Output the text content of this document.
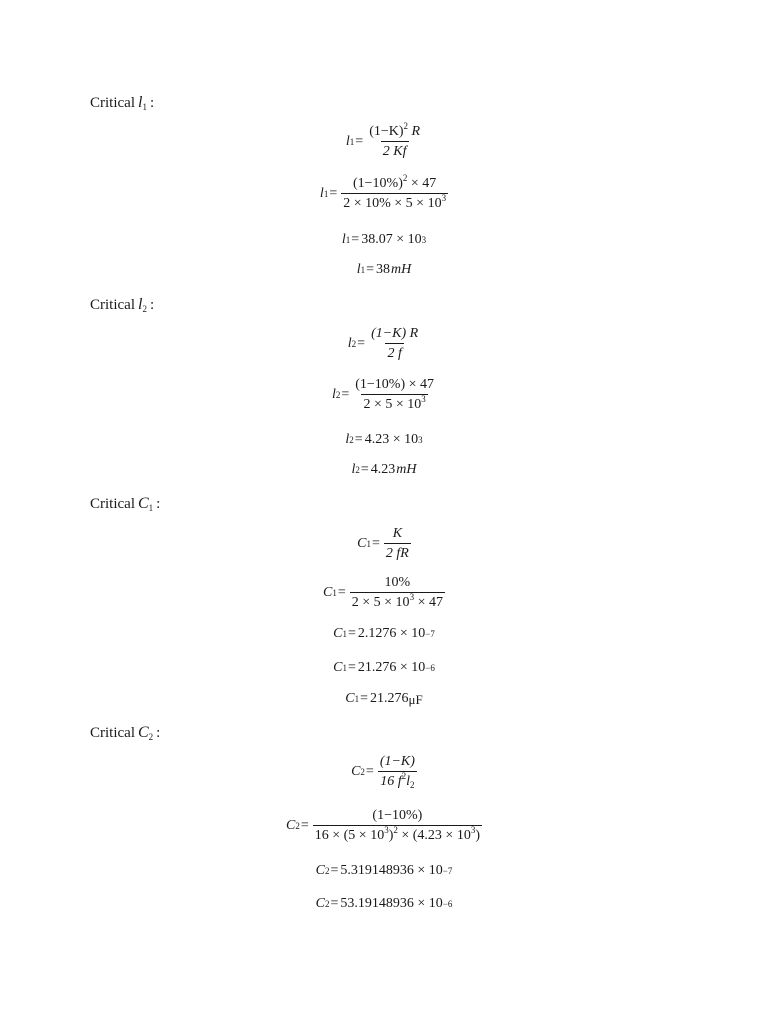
Critical $l_1$ :
l $1 = \frac{(1-K)^2 R}{2 Kf}$
l $1 = \frac{(1-10\%)^2 \times 47}{2 \times 10\% \times 5 \times 10^3}$
l 1 = 38.07 × 10 3
l 1 = 38 mH
Critical $l_2$ :
l $2 = \frac{(1-K) R}{2 f}$
l $2 = \frac{(1-10\%) \times 47}{2 \times 5 \times 10^3}$
l 2 = 4.23 × 10 3
l 2 = 4.23 mH
Critical $C_1$ :
C $1 = \frac{K}{2 fR}$
C $1 = \frac{10\%}{2 \times 5 \times 10^3 \times 47}$
C 1 = 2.1276 × 10 −7
C 1 = 21.276 × 10 −6
C 1 = 21.276 μF
Critical $C_2$ :
C $2 = \frac{(1-K)}{16 f^2l_2}$
C $2 = \frac{(1-10\%)}{16 \times (5 \times 10^3)^2 \times (4.23 \times 10^3)}$
C 2 = 5.319148936 × 10 −7
C 2 = 53.19148936 × 10 −6
